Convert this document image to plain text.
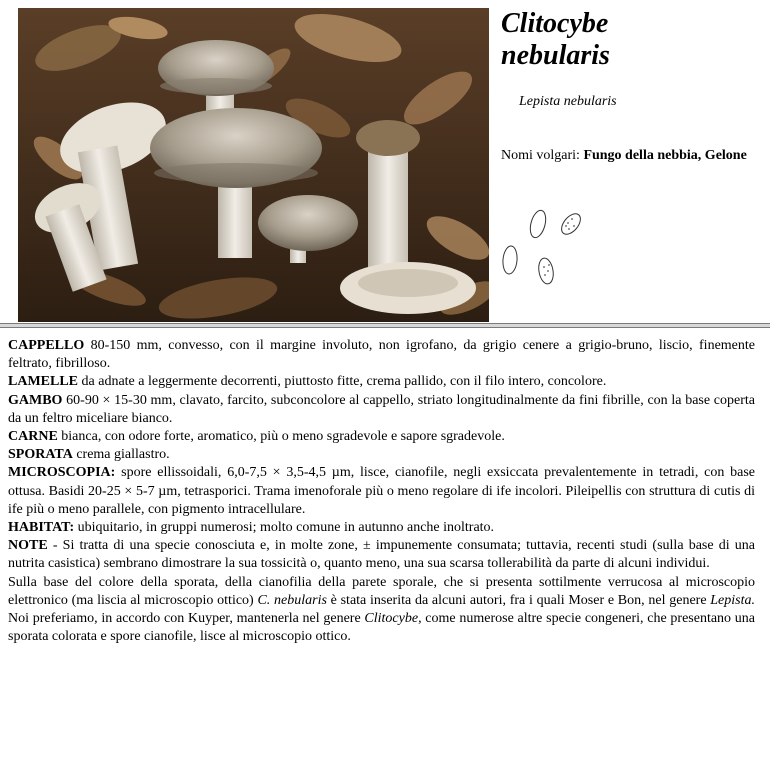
Clitocybe
nebularis
Lepista nebularis
Nomi volgari: Fungo della nebbia, Gelone

CAPPELLO 80-150 mm, convesso, con il margine involuto, non igrofano, da grigio cenere a grigio-bruno, liscio, finemente feltrato, fibrilloso.

LAMELLE da adnate a leggermente decorrenti, piuttosto fitte, crema pallido, con il filo intero, concolore.

GAMBO 60-90 × 15-30 mm, clavato, farcito, subconcolore al cappello, striato longitudinalmente da fini fibrille, con la base coperta da un feltro miceliare bianco.

CARNE bianca, con odore forte, aromatico, più o meno sgradevole e sapore sgradevole.

SPORATA crema giallastro.

MICROSCOPIA: spore ellissoidali, 6,0-7,5 × 3,5-4,5 µm, lisce, cianofile, negli exsiccata prevalentemente in tetradi, con base ottusa. Basidi 20-25 × 5-7 µm, tetrasporici. Trama imenoforale più o meno regolare di ife incolori. Pileipellis con struttura di cutis di ife più o meno parallele, con pigmento intracellulare.

HABITAT: ubiquitario, in gruppi numerosi; molto comune in autunno anche inoltrato.

NOTE - Si tratta di una specie conosciuta e, in molte zone, ± impunemente consumata; tuttavia, recenti studi (sulla base di una nutrita casistica) sembrano dimostrare la sua tossicità o, quanto meno, una sua scarsa tollerabilità da parte di alcuni individui.

Sulla base del colore della sporata, della cianofilia della parete sporale, che si presenta sottilmente verrucosa al microscopio elettronico (ma liscia al microscopio ottico) C. nebularis è stata inserita da alcuni autori, fra i quali Moser e Bon, nel genere Lepista. Noi preferiamo, in accordo con Kuyper, mantenerla nel genere Clitocybe, come numerose altre specie congeneri, che presentano una sporata colorata e spore cianofile, lisce al microscopio ottico.
